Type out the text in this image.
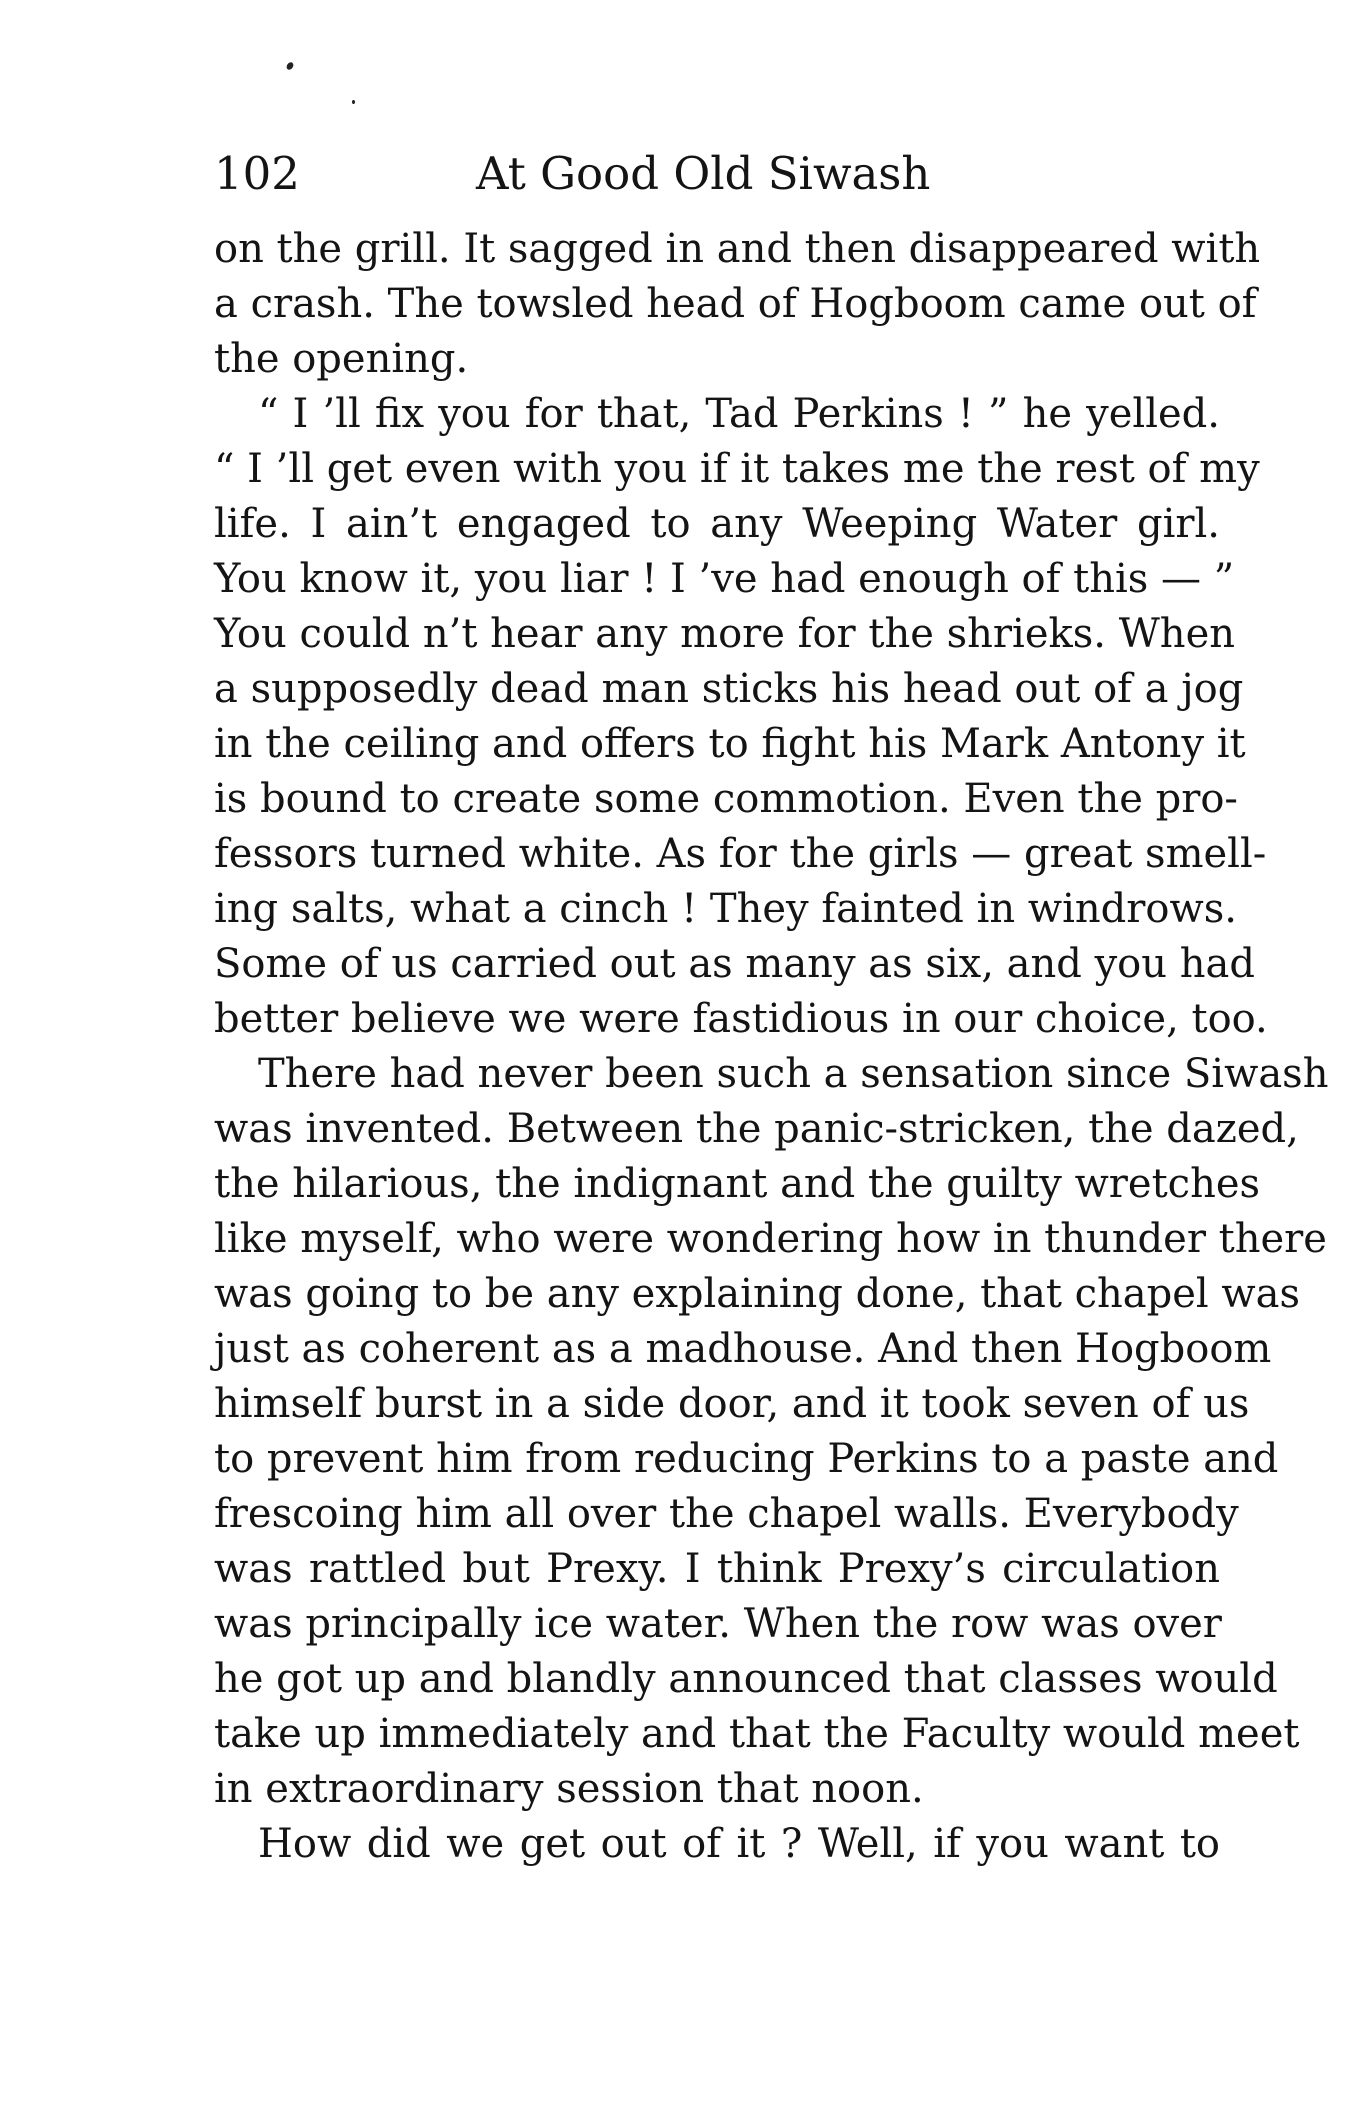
102	At Good Old Siwash
on the grill. It sagged in and then disappeared with
a crash. The towsled head of Hogboom came out of
the opening.
“ I ’ll fix you for that, Tad Perkins ! ” he yelled.
“ I ’ll get even with you if it takes me the rest of my
life. I ain’t engaged to any Weeping Water girl.
You know it, you liar ! I ’ve had enough of this — ”
You could n’t hear any more for the shrieks. When
a supposedly dead man sticks his head out of a jog
in the ceiling and offers to fight his Mark Antony it
is bound to create some commotion. Even the pro-
fessors turned white. As for the girls — great smell-
ing salts, what a cinch ! They fainted in windrows.
Some of us carried out as many as six, and you had
better believe we were fastidious in our choice, too.
There had never been such a sensation since Siwash
was invented. Between the panic-stricken, the dazed,
the hilarious, the indignant and the guilty wretches
like myself, who were wondering how in thunder there
was going to be any explaining done, that chapel was
just as coherent as a madhouse. And then Hogboom
himself burst in a side door, and it took seven of us
to prevent him from reducing Perkins to a paste and
frescoing him all over the chapel walls. Everybody
was rattled but Prexy. I think Prexy’s circulation
was principally ice water. When the row was over
he got up and blandly announced that classes would
take up immediately and that the Faculty would meet
in extraordinary session that noon.
How did we get out of it ? Well, if you want to
